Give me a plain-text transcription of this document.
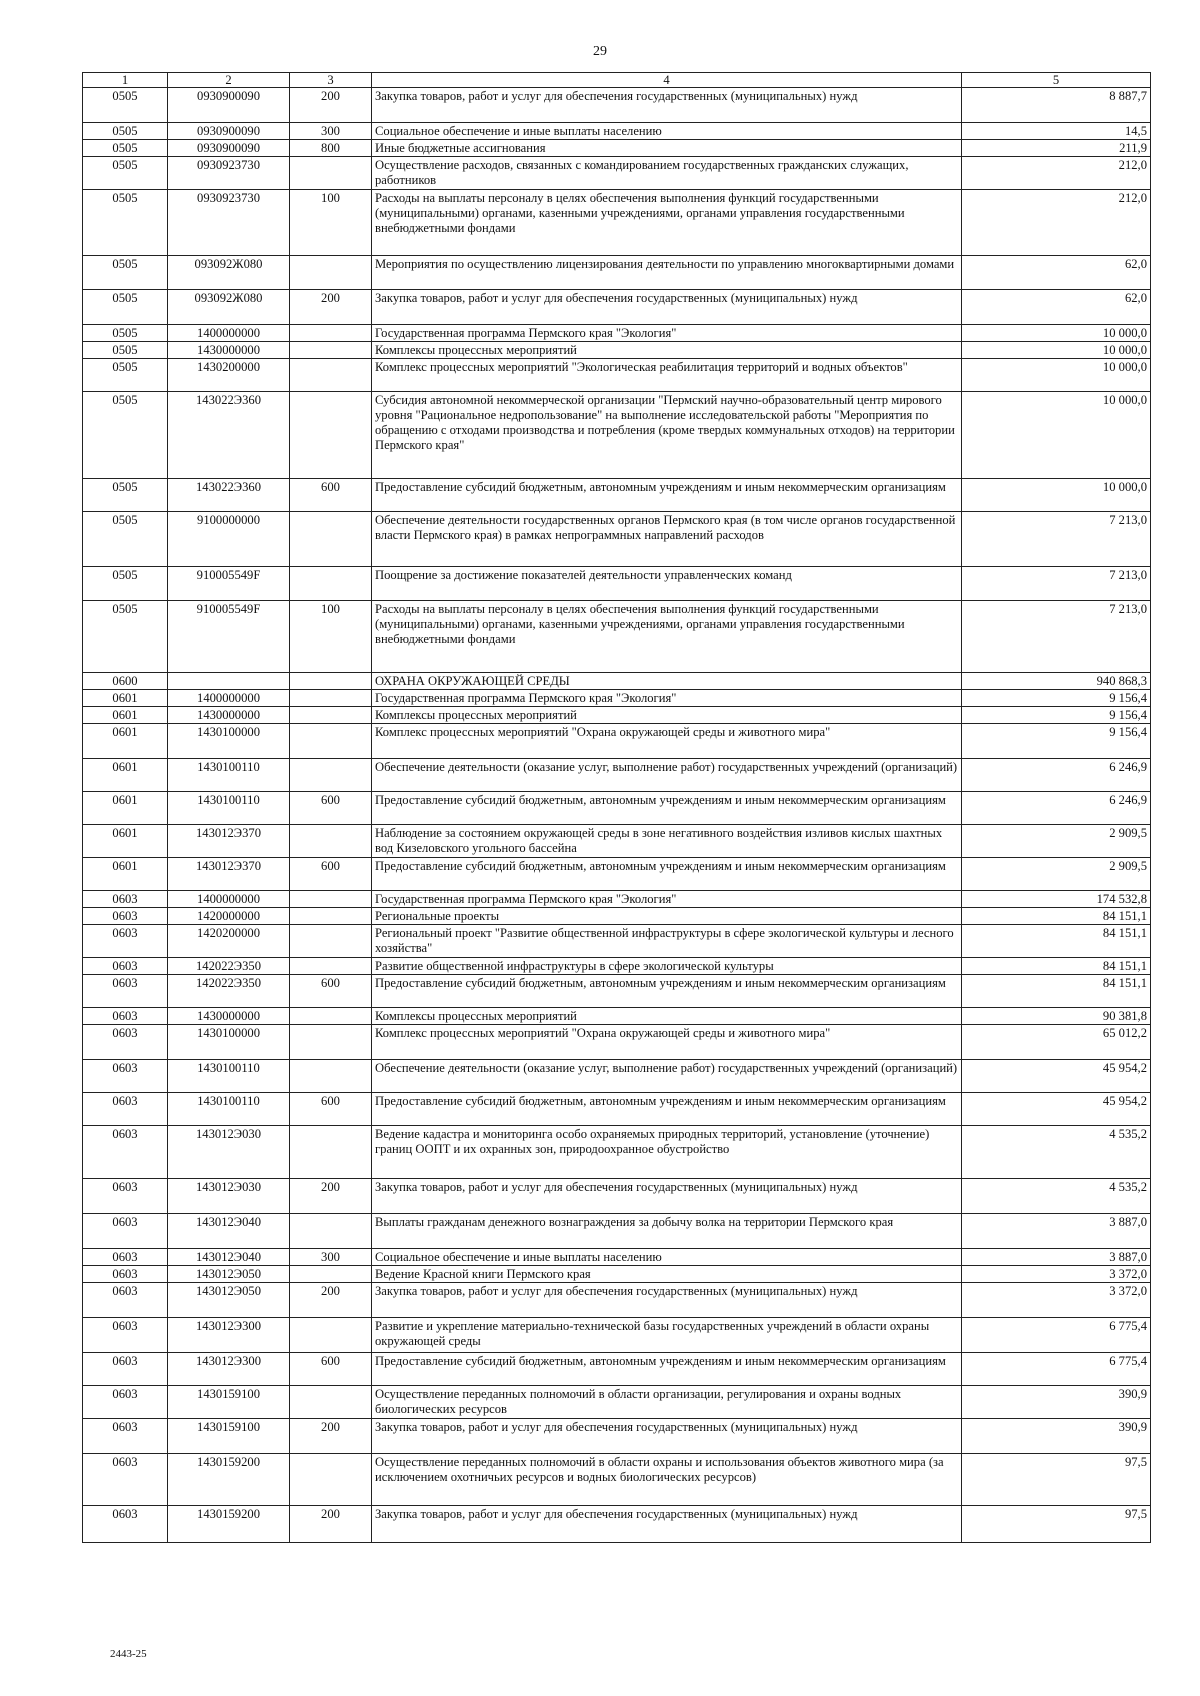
29
1	2	3	4	5
0505	0930900090	200	Закупка товаров, работ и услуг для обеспечения государственных (муниципальных) нужд	8 887,7
0505	0930900090	300	Социальное обеспечение и иные выплаты населению	14,5
0505	0930900090	800	Иные бюджетные ассигнования	211,9
0505	0930923730		Осуществление расходов, связанных с командированием государственных гражданских служащих, работников	212,0
0505	0930923730	100	Расходы на выплаты персоналу в целях обеспечения выполнения функций государственными (муниципальными) органами, казенными учреждениями, органами управления государственными внебюджетными фондами	212,0
0505	093092Ж080		Мероприятия по осуществлению лицензирования деятельности по управлению многоквартирными домами	62,0
0505	093092Ж080	200	Закупка товаров, работ и услуг для обеспечения государственных (муниципальных) нужд	62,0
0505	1400000000		Государственная программа Пермского края "Экология"	10 000,0
0505	1430000000		Комплексы процессных мероприятий	10 000,0
0505	1430200000		Комплекс процессных мероприятий "Экологическая реабилитация территорий и водных объектов"	10 000,0
0505	143022Э360		Субсидия автономной некоммерческой организации "Пермский научно-образовательный центр мирового уровня "Рациональное недропользование" на выполнение исследовательской работы "Мероприятия по обращению с отходами производства и потребления (кроме твердых коммунальных отходов) на территории Пермского края"	10 000,0
0505	143022Э360	600	Предоставление субсидий бюджетным, автономным учреждениям и иным некоммерческим организациям	10 000,0
0505	9100000000		Обеспечение деятельности государственных органов Пермского края (в том числе органов государственной власти Пермского края) в рамках непрограммных направлений расходов	7 213,0
0505	910005549F		Поощрение за достижение показателей деятельности управленческих команд	7 213,0
0505	910005549F	100	Расходы на выплаты персоналу в целях обеспечения выполнения функций государственными (муниципальными) органами, казенными учреждениями, органами управления государственными внебюджетными фондами	7 213,0
0600			ОХРАНА ОКРУЖАЮЩЕЙ СРЕДЫ	940 868,3
0601	1400000000		Государственная программа Пермского края "Экология"	9 156,4
0601	1430000000		Комплексы процессных мероприятий	9 156,4
0601	1430100000		Комплекс процессных мероприятий "Охрана окружающей среды и животного мира"	9 156,4
0601	1430100110		Обеспечение деятельности (оказание услуг, выполнение работ) государственных учреждений (организаций)	6 246,9
0601	1430100110	600	Предоставление субсидий бюджетным, автономным учреждениям и иным некоммерческим организациям	6 246,9
0601	143012Э370		Наблюдение за состоянием окружающей среды в зоне негативного воздействия изливов кислых шахтных вод Кизеловского угольного бассейна	2 909,5
0601	143012Э370	600	Предоставление субсидий бюджетным, автономным учреждениям и иным некоммерческим организациям	2 909,5
0603	1400000000		Государственная программа Пермского края "Экология"	174 532,8
0603	1420000000		Региональные проекты	84 151,1
0603	1420200000		Региональный проект "Развитие общественной инфраструктуры в сфере экологической культуры и лесного хозяйства"	84 151,1
0603	142022Э350		Развитие общественной инфраструктуры в сфере экологической культуры	84 151,1
0603	142022Э350	600	Предоставление субсидий бюджетным, автономным учреждениям и иным некоммерческим организациям	84 151,1
0603	1430000000		Комплексы процессных мероприятий	90 381,8
0603	1430100000		Комплекс процессных мероприятий "Охрана окружающей среды и животного мира"	65 012,2
0603	1430100110		Обеспечение деятельности (оказание услуг, выполнение работ) государственных учреждений (организаций)	45 954,2
0603	1430100110	600	Предоставление субсидий бюджетным, автономным учреждениям и иным некоммерческим организациям	45 954,2
0603	143012Э030		Ведение кадастра и мониторинга особо охраняемых природных территорий, установление (уточнение) границ ООПТ и их охранных зон, природоохранное обустройство	4 535,2
0603	143012Э030	200	Закупка товаров, работ и услуг для обеспечения государственных (муниципальных) нужд	4 535,2
0603	143012Э040		Выплаты гражданам денежного вознаграждения за добычу волка на территории Пермского края	3 887,0
0603	143012Э040	300	Социальное обеспечение и иные выплаты населению	3 887,0
0603	143012Э050		Ведение Красной книги Пермского края	3 372,0
0603	143012Э050	200	Закупка товаров, работ и услуг для обеспечения государственных (муниципальных) нужд	3 372,0
0603	143012Э300		Развитие и укрепление материально-технической базы государственных учреждений в области охраны окружающей среды	6 775,4
0603	143012Э300	600	Предоставление субсидий бюджетным, автономным учреждениям и иным некоммерческим организациям	6 775,4
0603	1430159100		Осуществление переданных полномочий в области организации, регулирования и охраны водных биологических ресурсов	390,9
0603	1430159100	200	Закупка товаров, работ и услуг для обеспечения государственных (муниципальных) нужд	390,9
0603	1430159200		Осуществление переданных полномочий в области охраны и использования объектов животного мира (за исключением охотничьих ресурсов и водных биологических ресурсов)	97,5
0603	1430159200	200	Закупка товаров, работ и услуг для обеспечения государственных (муниципальных) нужд	97,5
2443-25
